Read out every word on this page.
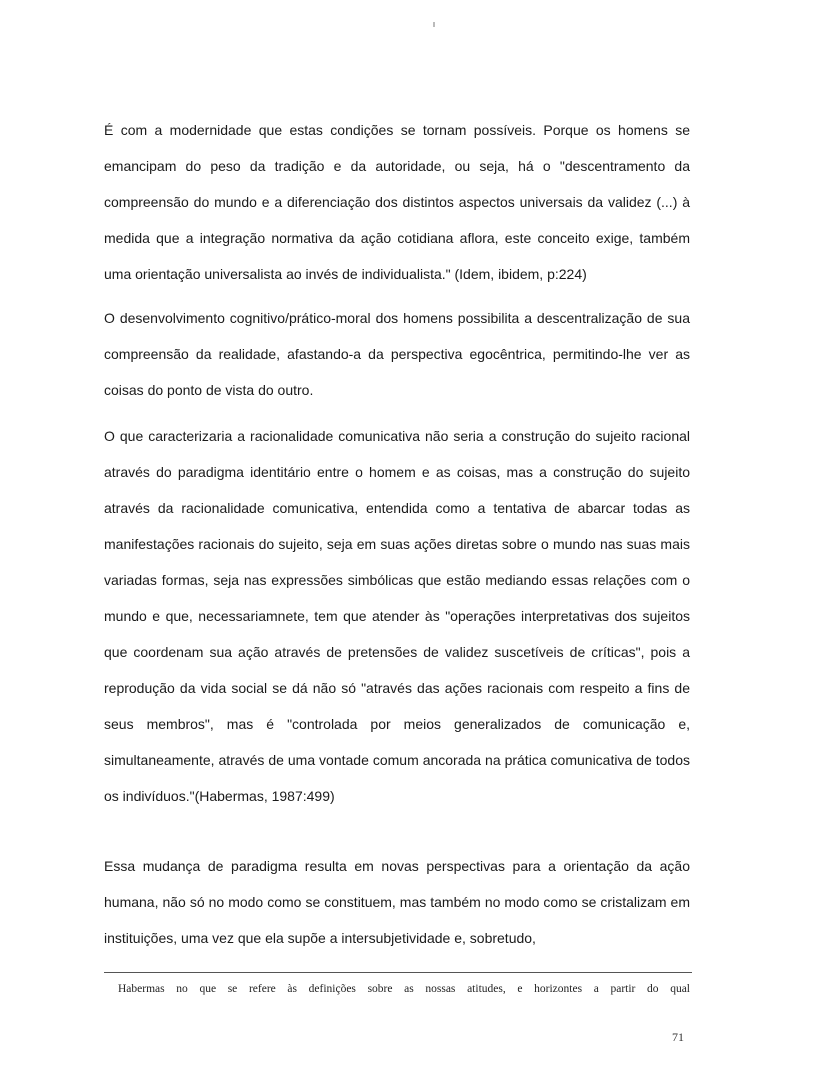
É com a modernidade que estas condições se tornam possíveis. Porque os homens se emancipam do peso da tradição e da autoridade, ou seja, há o "descentramento da compreensão do mundo e a diferenciação dos distintos aspectos universais da validez (...) à medida que a integração normativa da ação cotidiana aflora, este conceito exige, também uma orientação universalista ao invés de individualista." (Idem, ibidem, p:224)

O desenvolvimento cognitivo/prático-moral dos homens possibilita a descentralização de sua compreensão da realidade, afastando-a da perspectiva egocêntrica, permitindo-lhe ver as coisas do ponto de vista do outro.

O que caracterizaria a racionalidade comunicativa não seria a construção do sujeito racional através do paradigma identitário entre o homem e as coisas, mas a construção do sujeito através da racionalidade comunicativa, entendida como a tentativa de abarcar todas as manifestações racionais do sujeito, seja em suas ações diretas sobre o mundo nas suas mais variadas formas, seja nas expressões simbólicas que estão mediando essas relações com o mundo e que, necessariamnete, tem que atender às "operações interpretativas dos sujeitos que coordenam sua ação através de pretensões de validez suscetíveis de críticas", pois a reprodução da vida social se dá não só "através das ações racionais com respeito a fins de seus membros", mas é "controlada por meios generalizados de comunicação e, simultaneamente, através de uma vontade comum ancorada na prática comunicativa de todos os indivíduos."(Habermas, 1987:499)

Essa mudança de paradigma resulta em novas perspectivas para a orientação da ação humana, não só no modo como se constituem, mas também no modo como se cristalizam em instituições, uma vez que ela supõe a intersubjetividade e, sobretudo,

Habermas no que se refere às definições sobre as nossas atitudes, e horizontes a partir do qual
71
